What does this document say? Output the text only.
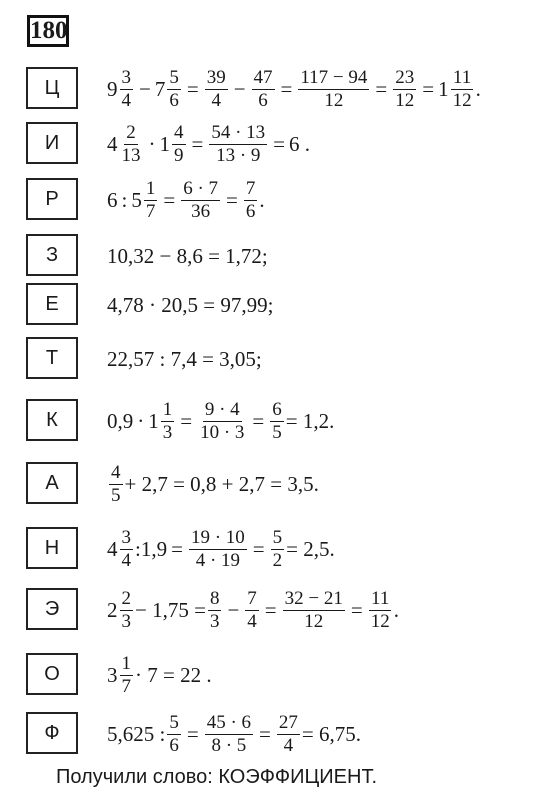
180
Ц	$9 \frac{3}{4} - 7 \frac{5}{6} = \frac{39}{4} - \frac{47}{6} = \frac{117 - 94}{12} = \frac{23}{12} = 1 \frac{11}{12}$ .
И	$4 \frac{2}{13} \cdot 1 \frac{4}{9} = \frac{54 \cdot 13}{13 \cdot 9} = 6$ .
Р	6 : $5 \frac{1}{7} = \frac{6 \cdot 7}{36} = \frac{7}{6}$ .
З	10,32 − 8,6 = 1,72;
Е	4,78 · 20,5 = 97,99;
Т	22,57 : 7,4 = 3,05;
К	$0,9 \cdot 1 \frac{1}{3} = \frac{9 \cdot 4}{10 \cdot 3} = \frac{6}{5} = 1,2$.
А	$\frac{4}{5} + 2,7 = 0,8 + 2,7 = 3,5$.
Н	$4 \frac{3}{4}$ : $1,9 = \frac{19 \cdot 10}{4 \cdot 19} = \frac{5}{2} = 2,5$.
Э	$2 \frac{2}{3} - 1,75 = \frac{8}{3} - \frac{7}{4} = \frac{32 - 21}{12} = \frac{11}{12}$ .
О	$3 \frac{1}{7} \cdot 7 = 22$ .
Ф	5,625 : $\frac{5}{6} = \frac{45 \cdot 6}{8 \cdot 5} = \frac{27}{4} = 6,75$.
Получили слово: КОЭФФИЦИЕНТ.
